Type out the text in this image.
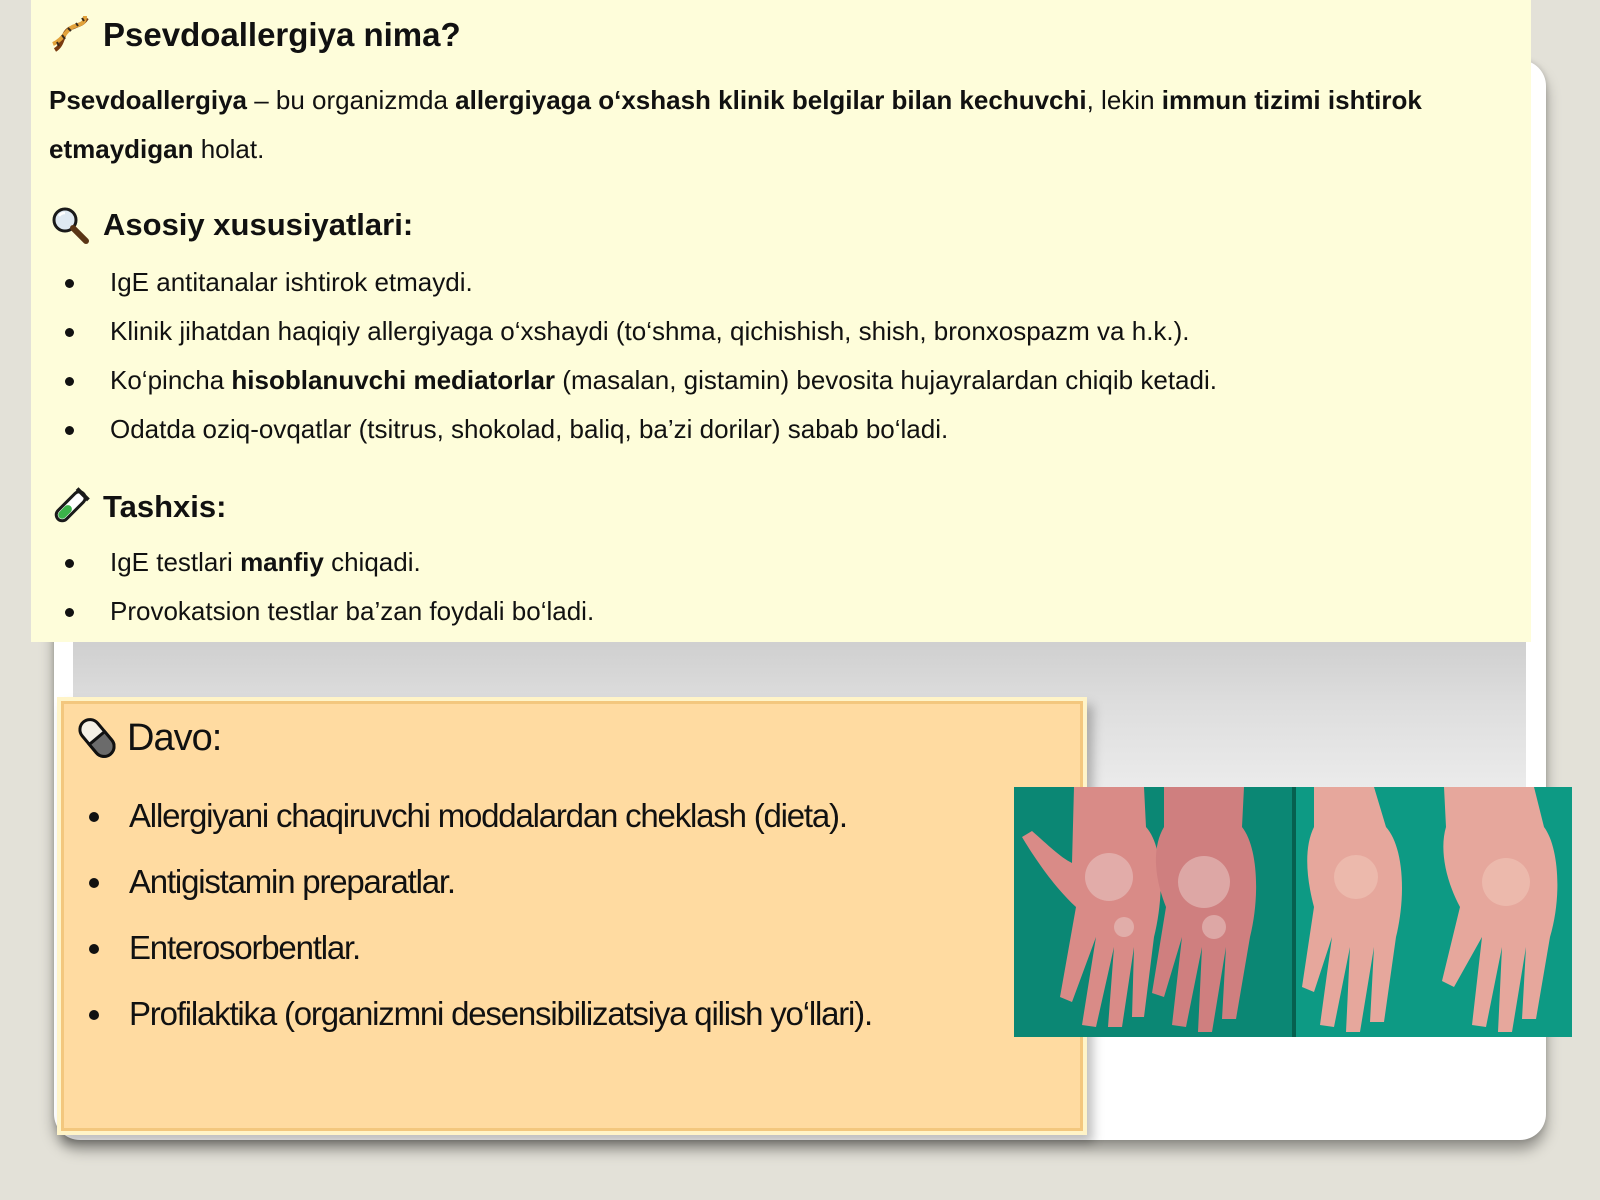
Psevdoallergiya nima?
Psevdoallergiya – bu organizmda allergiyaga o‘xshash klinik belgilar bilan kechuvchi, lekin immun tizimi ishtirok etmaydigan holat.
Asosiy xususiyatlari:
IgE antitanalar ishtirok etmaydi.
Klinik jihatdan haqiqiy allergiyaga o‘xshaydi (to‘shma, qichishish, shish, bronxospazm va h.k.).
Ko‘pincha hisoblanuvchi mediatorlar (masalan, gistamin) bevosita hujayralardan chiqib ketadi.
Odatda oziq-ovqatlar (tsitrus, shokolad, baliq, ba’zi dorilar) sabab bo‘ladi.
Tashxis:
IgE testlari manfiy chiqadi.
Provokatsion testlar ba’zan foydali bo‘ladi.
Davo:
Allergiyani chaqiruvchi moddalardan cheklash (dieta).
Antigistamin preparatlar.
Enterosorbentlar.
Profilaktika (organizmni desensibilizatsiya qilish yo‘llari).
